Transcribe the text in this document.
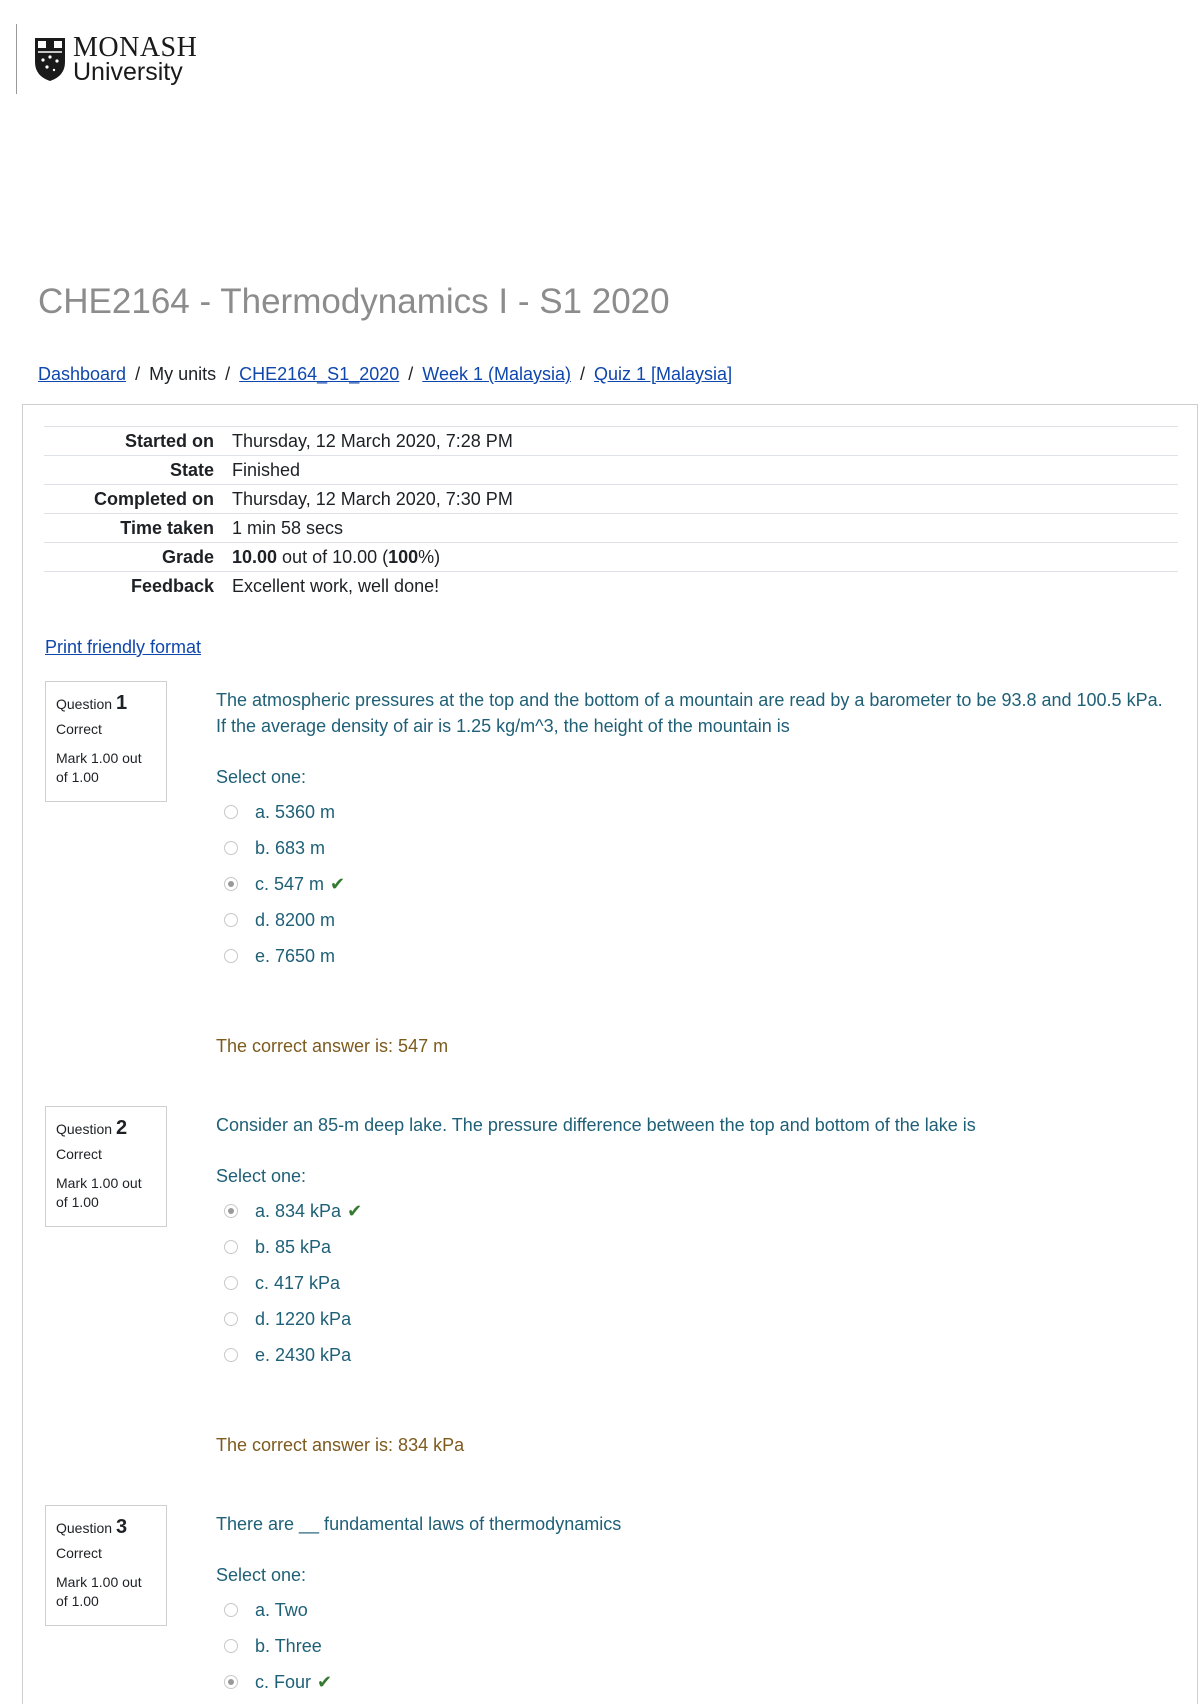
MONASH
University
CHE2164 - Thermodynamics I - S1 2020
Dashboard / My units / CHE2164_S1_2020 / Week 1 (Malaysia) / Quiz 1 [Malaysia]
Started on	Thursday, 12 March 2020, 7:28 PM
State	Finished
Completed on	Thursday, 12 March 2020, 7:30 PM
Time taken	1 min 58 secs
Grade	10.00 out of 10.00 (100%)
Feedback	Excellent work, well done!
Print friendly format
Question 1
Correct
Mark 1.00 out of 1.00

The atmospheric pressures at the top and the bottom of a mountain are read by a barometer to be 93.8 and 100.5 kPa. If the average density of air is 1.25 kg/m^3, the height of the mountain is

Select one:
a. 5360 m
b. 683 m
c. 547 m ✔
d. 8200 m
e. 7650 m
The correct answer is: 547 m
Question 2
Correct
Mark 1.00 out of 1.00

Consider an 85-m deep lake. The pressure difference between the top and bottom of the lake is

Select one:
a. 834 kPa ✔
b. 85 kPa
c. 417 kPa
d. 1220 kPa
e. 2430 kPa
The correct answer is: 834 kPa
Question 3
Correct
Mark 1.00 out of 1.00

There are __ fundamental laws of thermodynamics

Select one:
a. Two
b. Three
c. Four ✔
